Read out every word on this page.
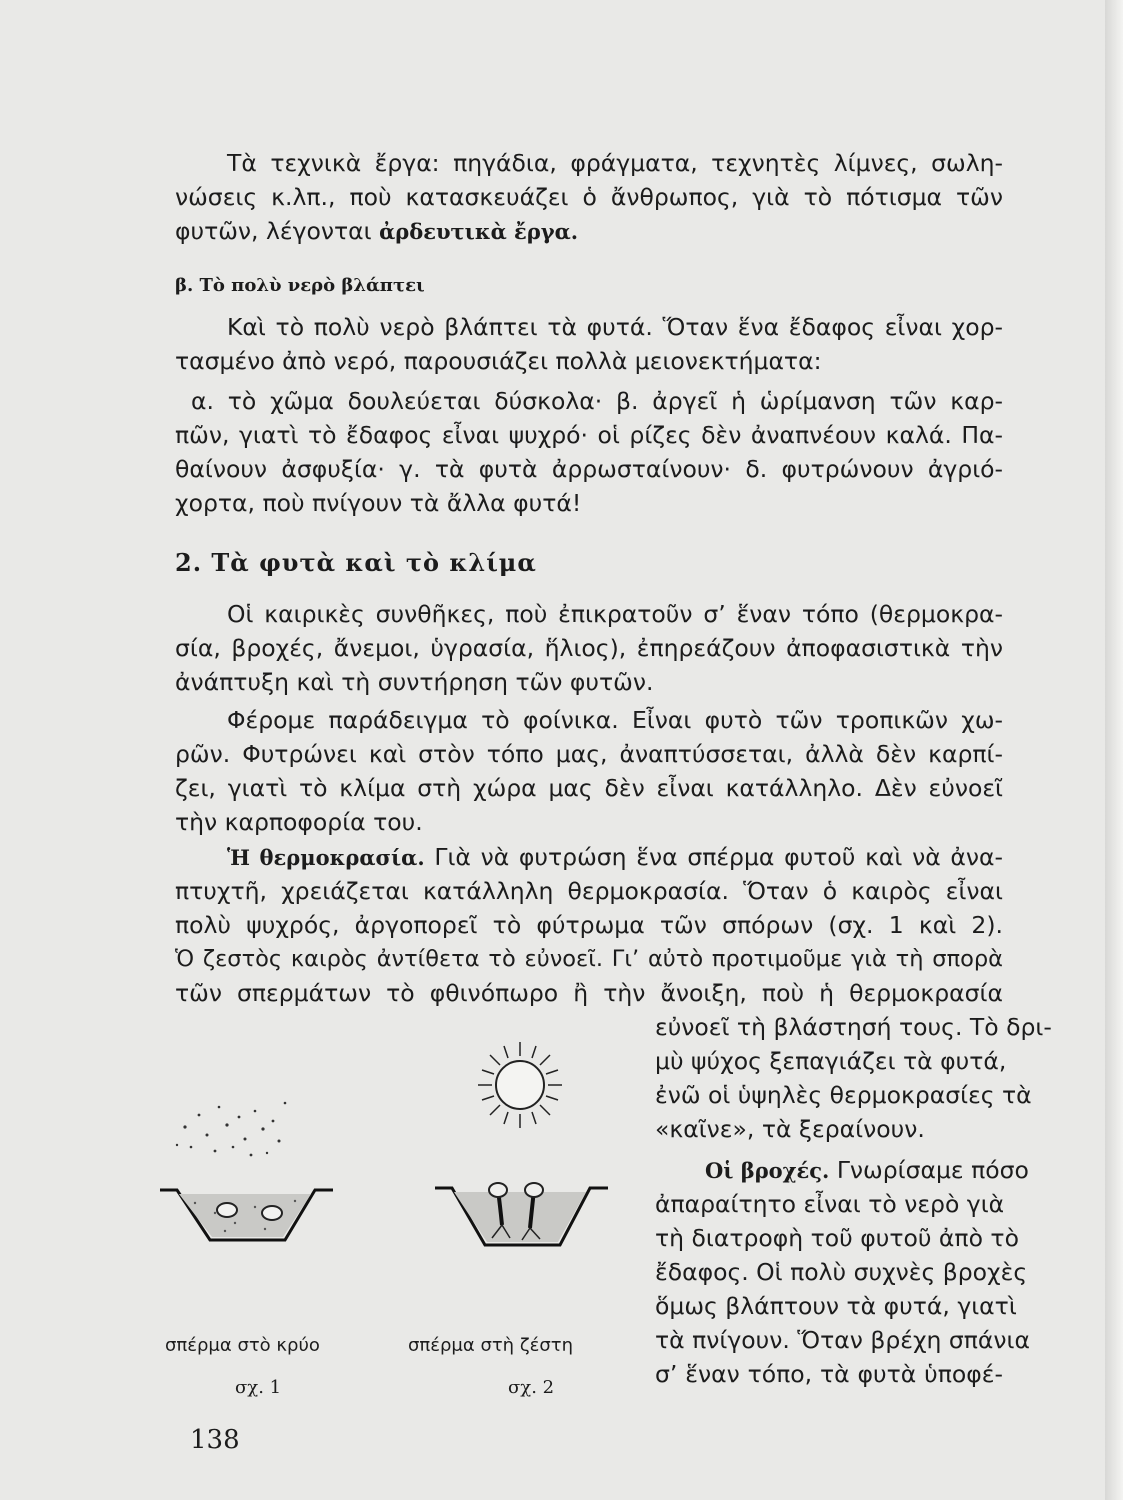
Τὰ τεχνικὰ ἔργα: πηγάδια, φράγματα, τεχνητὲς λίμνες, σωλη-
νώσεις κ.λπ., ποὺ κατασκευάζει ὁ ἄνθρωπος, γιὰ τὸ πότισμα τῶν
φυτῶν, λέγονται ἀρδευτικὰ ἔργα.
β. Τὸ πολὺ νερὸ βλάπτει
Καὶ τὸ πολὺ νερὸ βλάπτει τὰ φυτά. Ὅταν ἕνα ἔδαφος εἶναι χορ-
τασμένο ἀπὸ νερό, παρουσιάζει πολλὰ μειονεκτήματα:
α. τὸ χῶμα δουλεύεται δύσκολα· β. ἀργεῖ ἡ ὡρίμανση τῶν καρ-
πῶν, γιατὶ τὸ ἔδαφος εἶναι ψυχρό· οἱ ρίζες δὲν ἀναπνέουν καλά. Πα-
θαίνουν ἀσφυξία· γ. τὰ φυτὰ ἀρρωσταίνουν· δ. φυτρώνουν ἀγριό-
χορτα, ποὺ πνίγουν τὰ ἄλλα φυτά!
2. Τὰ φυτὰ καὶ τὸ κλίμα
Οἱ καιρικὲς συνθῆκες, ποὺ ἐπικρατοῦν σ’ ἕναν τόπο (θερμοκρα-
σία, βροχές, ἄνεμοι, ὑγρασία, ἥλιος), ἐπηρεάζουν ἀποφασιστικὰ τὴν
ἀνάπτυξη καὶ τὴ συντήρηση τῶν φυτῶν.
Φέρομε παράδειγμα τὸ φοίνικα. Εἶναι φυτὸ τῶν τροπικῶν χω-
ρῶν. Φυτρώνει καὶ στὸν τόπο μας, ἀναπτύσσεται, ἀλλὰ δὲν καρπί-
ζει, γιατὶ τὸ κλίμα στὴ χώρα μας δὲν εἶναι κατάλληλο. Δὲν εὐνοεῖ
τὴν καρποφορία του.
Ἡ θερμοκρασία. Γιὰ νὰ φυτρώση ἕνα σπέρμα φυτοῦ καὶ νὰ ἀνα-
πτυχτῆ, χρειάζεται κατάλληλη θερμοκρασία. Ὅταν ὁ καιρὸς εἶναι
πολὺ ψυχρός, ἀργοπορεῖ τὸ φύτρωμα τῶν σπόρων (σχ. 1 καὶ 2).
Ὁ ζεστὸς καιρὸς ἀντίθετα τὸ εὐνοεῖ. Γι’ αὐτὸ προτιμοῦμε γιὰ τὴ σπορὰ
τῶν σπερμάτων τὸ φθινόπωρο ἢ τὴν ἄνοιξη, ποὺ ἡ θερμοκρασία
εὐνοεῖ τὴ βλάστησή τους. Τὸ δρι-
μὺ ψύχος ξεπαγιάζει τὰ φυτά,
ἐνῶ οἱ ὑψηλὲς θερμοκρασίες τὰ
«καῖνε», τὰ ξεραίνουν.
Οἱ βροχές. Γνωρίσαμε πόσο
ἀπαραίτητο εἶναι τὸ νερὸ γιὰ
τὴ διατροφὴ τοῦ φυτοῦ ἀπὸ τὸ
ἔδαφος. Οἱ πολὺ συχνὲς βροχὲς
ὅμως βλάπτουν τὰ φυτά, γιατὶ
τὰ πνίγουν. Ὅταν βρέχη σπάνια
σ’ ἕναν τόπο, τὰ φυτὰ ὑποφέ-
σπέρμα στὸ κρύο
σχ. 1
σπέρμα στὴ ζέστη
σχ. 2
138
